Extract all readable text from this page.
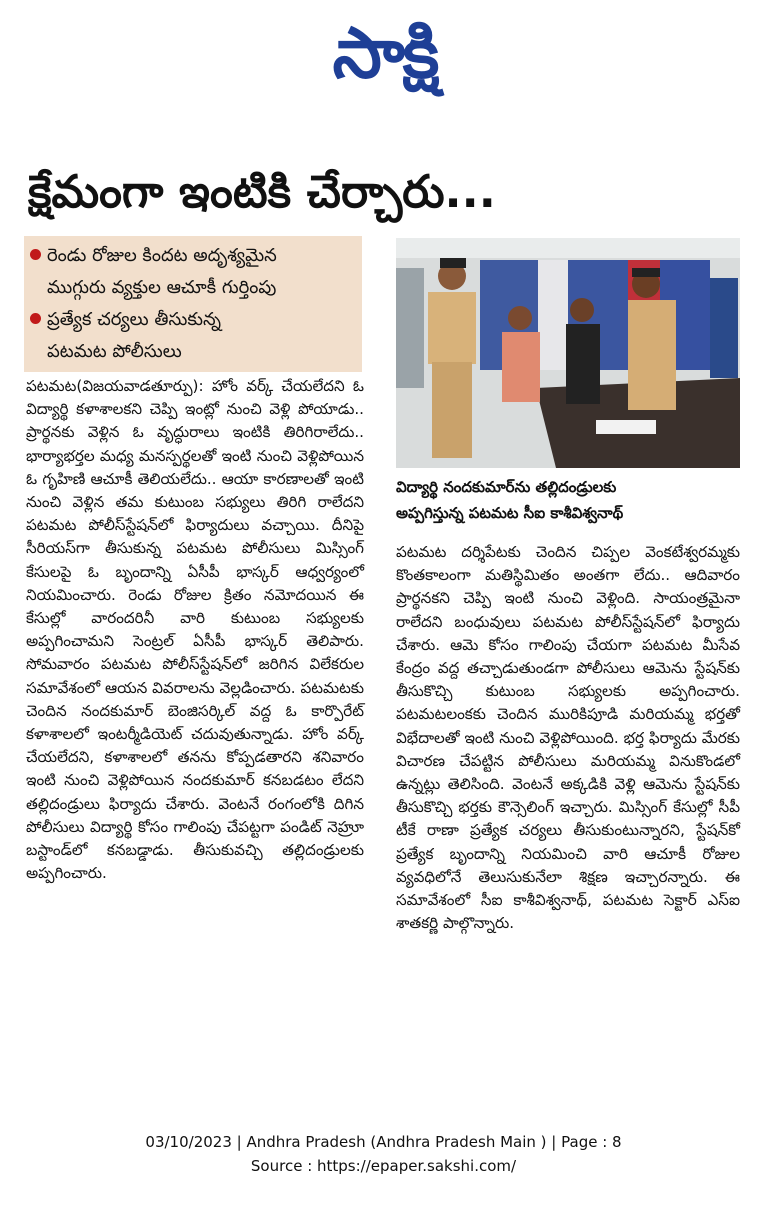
సాక్షి
క్షేమంగా ఇంటికి చేర్చారు...
రెండు రోజుల కిందట అదృశ్యమైన
ముగ్గురు వ్యక్తుల ఆచూకీ గుర్తింపు
ప్రత్యేక చర్యలు తీసుకున్న
పటమట పోలీసులు
విద్యార్థి నందకుమార్‌ను తల్లిదండ్రులకు
అప్పగిస్తున్న పటమట సీఐ కాశీవిశ్వనాథ్

పటమట(విజయవాడతూర్పు): హోం వర్క్ చేయలేదని ఓ విద్యార్థి కళాశాలకని చెప్పి ఇంట్లో నుంచి వెళ్లి పోయాడు.. ప్రార్థనకు వెళ్లిన ఓ వృద్ధురాలు ఇంటికి తిరిగిరాలేదు.. భార్యాభర్తల మధ్య మనస్పర్థలతో ఇంటి నుంచి వెళ్లిపోయిన ఓ గృహిణి ఆచూకీ తెలియలేదు.. ఆయా కారణాలతో ఇంటి నుంచి వెళ్లిన తమ కుటుంబ సభ్యులు తిరిగి రాలేదని పటమట పోలీస్‌స్టేషన్‌లో ఫిర్యాదులు వచ్చాయి. దీనిపై సీరియస్‌గా తీసుకున్న పటమట పోలీసులు మిస్సింగ్ కేసులపై ఓ బృందాన్ని ఏసీపీ భాస్కర్ ఆధ్వర్యంలో నియమించారు. రెండు రోజుల క్రితం నమోదయిన ఈ కేసుల్లో వారందరినీ వారి కుటుంబ సభ్యులకు అప్పగించామని సెంట్రల్ ఏసీపీ భాస్కర్ తెలిపారు. సోమవారం పటమట పోలీస్‌స్టేషన్‌లో జరిగిన విలేకరుల సమావేశంలో ఆయన వివరాలను వెల్లడించారు. పటమటకు చెందిన నందకుమార్ బెంజిసర్కిల్ వద్ద ఓ కార్పొరేట్ కళాశాలలో ఇంటర్మీడియెట్ చదువుతున్నాడు. హోం వర్క్ చేయలేదని, కళాశాలలో తనను కోప్పడతారని శనివారం ఇంటి నుంచి వెళ్లిపోయిన నందకుమార్ కనబడటం లేదని తల్లిదండ్రులు ఫిర్యాదు చేశారు. వెంటనే రంగంలోకి దిగిన పోలీసులు విద్యార్థి కోసం గాలింపు చేపట్టగా పండిట్ నెహ్రూ బస్టాండ్‌లో కనబడ్డాడు. తీసుకువచ్చి తల్లిదండ్రులకు అప్పగించారు.

పటమట దర్శిపేటకు చెందిన చిప్పల వెంకటేశ్వరమ్మకు కొంతకాలంగా మతిస్థిమితం అంతగా లేదు.. ఆదివారం ప్రార్థనకని చెప్పి ఇంటి నుంచి వెళ్లింది. సాయంత్రమైనా రాలేదని బంధువులు పటమట పోలీస్‌స్టేషన్‌లో ఫిర్యాదు చేశారు. ఆమె కోసం గాలింపు చేయగా పటమట మీసేవ కేంద్రం వద్ద తచ్చాడుతుండగా పోలీసులు ఆమెను స్టేషన్‌కు తీసుకొచ్చి కుటుంబ సభ్యులకు అప్పగించారు. పటమటలంకకు చెందిన మురికిపూడి మరియమ్మ భర్తతో విభేదాలతో ఇంటి నుంచి వెళ్లిపోయింది. భర్త ఫిర్యాదు మేరకు విచారణ చేపట్టిన పోలీసులు మరియమ్మ వినుకొండలో ఉన్నట్లు తెలిసింది. వెంటనే అక్కడికి వెళ్లి ఆమెను స్టేషన్‌కు తీసుకొచ్చి భర్తకు కౌన్సెలింగ్ ఇచ్చారు. మిస్సింగ్ కేసుల్లో సీపీ టీకే రాణా ప్రత్యేక చర్యలు తీసుకుంటున్నారని, స్టేషన్‌కో ప్రత్యేక బృందాన్ని నియమించి వారి ఆచూకీ రోజుల వ్యవధిలోనే తెలుసుకునేలా శిక్షణ ఇచ్చారన్నారు. ఈ సమావేశంలో సీఐ కాశీవిశ్వనాథ్, పటమట సెక్టార్ ఎస్ఐ శాతకర్ణి పాల్గొన్నారు.

03/10/2023 | Andhra Pradesh (Andhra Pradesh Main ) | Page : 8
Source : https://epaper.sakshi.com/
